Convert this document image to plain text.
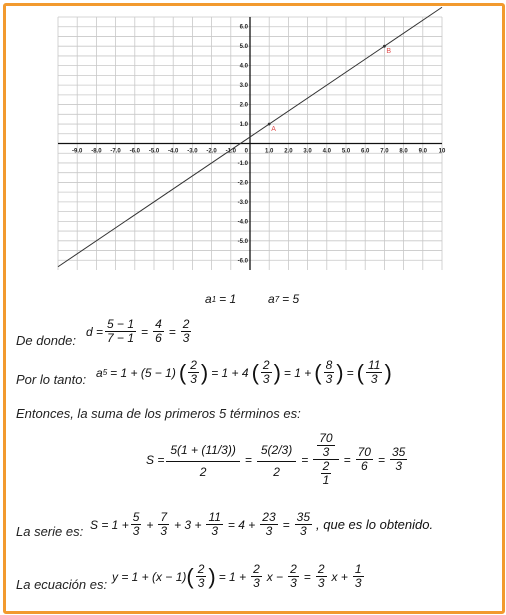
-9.0 -8.0 -7.0 -6.0 -5.0 -4.0 -3.0 -2.0 -1.0	1.0 2.0 3.0 4.0 5.0 6.0 7.0 8.0 9.0 10
6.0
5.0
4.0
3.0
2.0
1.0
-1.0
-2.0
-3.0
-4.0
-5.0
-6.0
0
A
B
a 1 = 1	a 7 = 5
De donde:
$d = \frac{5 - 1}{7 - 1} = \frac{4}{6} = \frac{2}{3}$
Por lo tanto: a 5 = 1 + (5 − 1) ( $\frac{2}{3}$ ) = 1 + 4 ( $\frac{2}{3}$ ) = 1 + ( $\frac{8}{3}$ ) = ( $\frac{11}{3}$ )
Entonces, la suma de los primeros 5 términos es:
$S = \frac{5(1 + (11/3))}{2} = \frac{5(2/3)}{2} = \frac{\frac{70}{3}}{\frac{2}{1}} = \frac{70}{6} = \frac{35}{3}$
La serie es: $S = 1 + \frac{5}{3} + \frac{7}{3} + 3 + \frac{11}{3} = 4 + \frac{23}{3} = \frac{35}{3}$ , que es lo obtenido.
La ecuación es:
y = 1 + (x − 1) ( $\frac{2}{3}$ ) = $1 + \frac{2}{3}$ $x - \frac{2}{3} = \frac{2}{3}$ $x + \frac{1}{3}$
